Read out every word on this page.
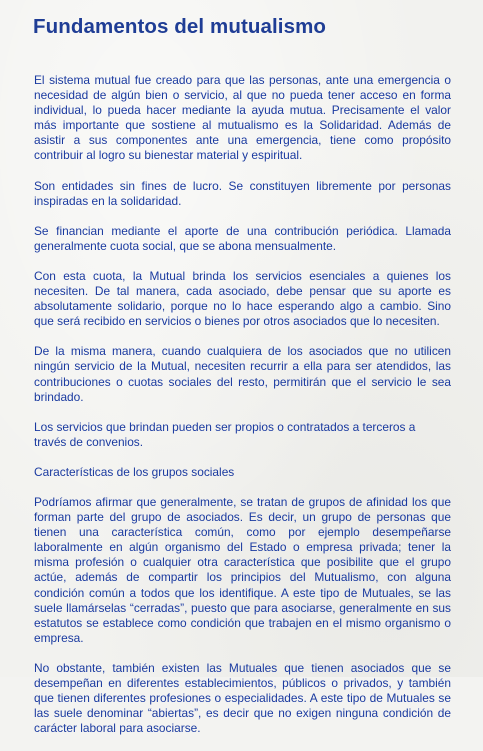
Fundamentos del mutualismo

El sistema mutual fue creado para que las personas, ante una emergencia o necesidad de algún bien o servicio, al que no pueda tener acceso en forma individual, lo pueda hacer mediante la ayuda mutua. Precisamente el valor más importante que sostiene al mutualismo es la Solidaridad. Además de asistir a sus componentes ante una emergencia, tiene como propósito contribuir al logro su bienestar material y espiritual.

Son entidades sin fines de lucro. Se constituyen libremente por personas inspiradas en la solidaridad.

Se financian mediante el aporte de una contribución periódica. Llamada generalmente cuota social, que se abona mensualmente.

Con esta cuota, la Mutual brinda los servicios esenciales a quienes los necesiten. De tal manera, cada asociado, debe pensar que su aporte es absolutamente solidario, porque no lo hace esperando algo a cambio. Sino que será recibido en servicios o bienes por otros asociados que lo necesiten.

De la misma manera, cuando cualquiera de los asociados que no utilicen ningún servicio de la Mutual, necesiten recurrir a ella para ser atendidos, las contribuciones o cuotas sociales del resto, permitirán que el servicio le sea brindado.

Los servicios que brindan pueden ser propios o contratados a terceros a través de convenios.

Características de los grupos sociales

Podríamos afirmar que generalmente, se tratan de grupos de afinidad los que forman parte del grupo de asociados. Es decir, un grupo de personas que tienen una característica común, como por ejemplo desempeñarse laboralmente en algún organismo del Estado o empresa privada; tener la misma profesión o cualquier otra característica que posibilite que el grupo actúe, además de compartir los principios del Mutualismo, con alguna condición común a todos que los identifique. A este tipo de Mutuales, se las suele llamárselas “cerradas”, puesto que para asociarse, generalmente en sus estatutos se establece como condición que trabajen en el mismo organismo o empresa.

No obstante, también existen las Mutuales que tienen asociados que se desempeñan en diferentes establecimientos, públicos o privados, y también que tienen diferentes profesiones o especialidades. A este tipo de Mutuales se las suele denominar “abiertas”, es decir que no exigen ninguna condición de carácter laboral para asociarse.
